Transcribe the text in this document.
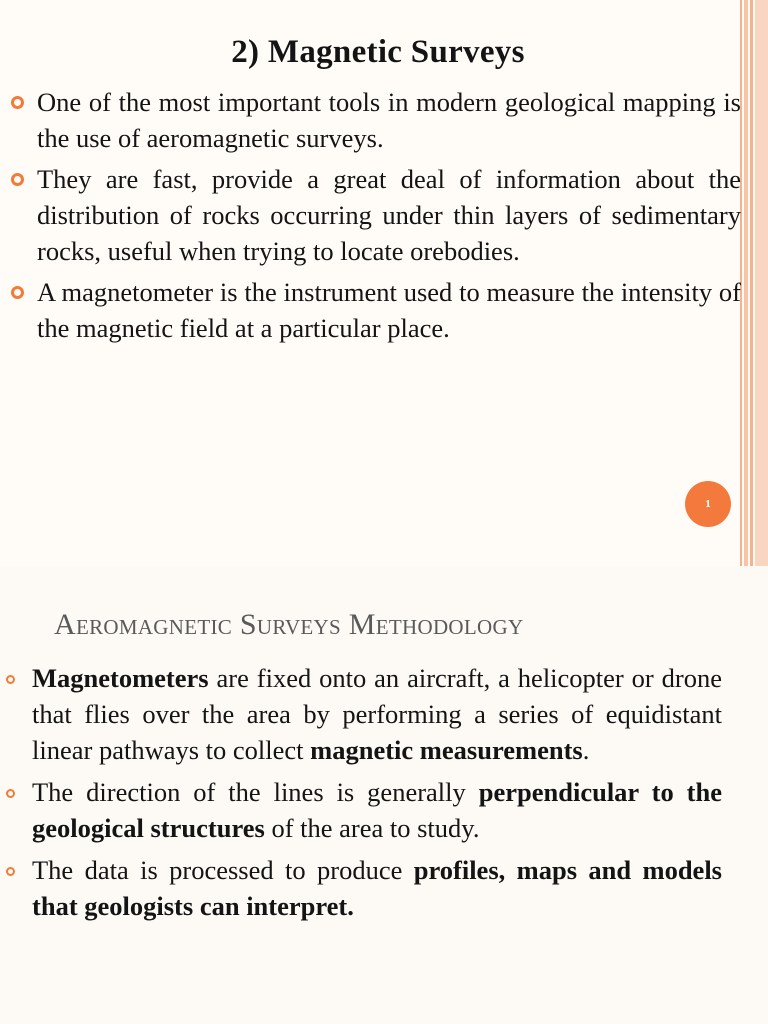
2) Magnetic Surveys
One of the most important tools in modern geological mapping is the use of aeromagnetic surveys.
They are fast, provide a great deal of information about the distribution of rocks occurring under thin layers of sedimentary rocks, useful when trying to locate orebodies.
A magnetometer is the instrument used to measure the intensity of the magnetic field at a particular place.
1
Aeromagnetic Surveys Methodology
Magnetometers are fixed onto an aircraft, a helicopter or drone that flies over the area by performing a series of equidistant linear pathways to collect magnetic measurements.
The direction of the lines is generally perpendicular to the geological structures of the area to study.
The data is processed to produce profiles, maps and models that geologists can interpret.
